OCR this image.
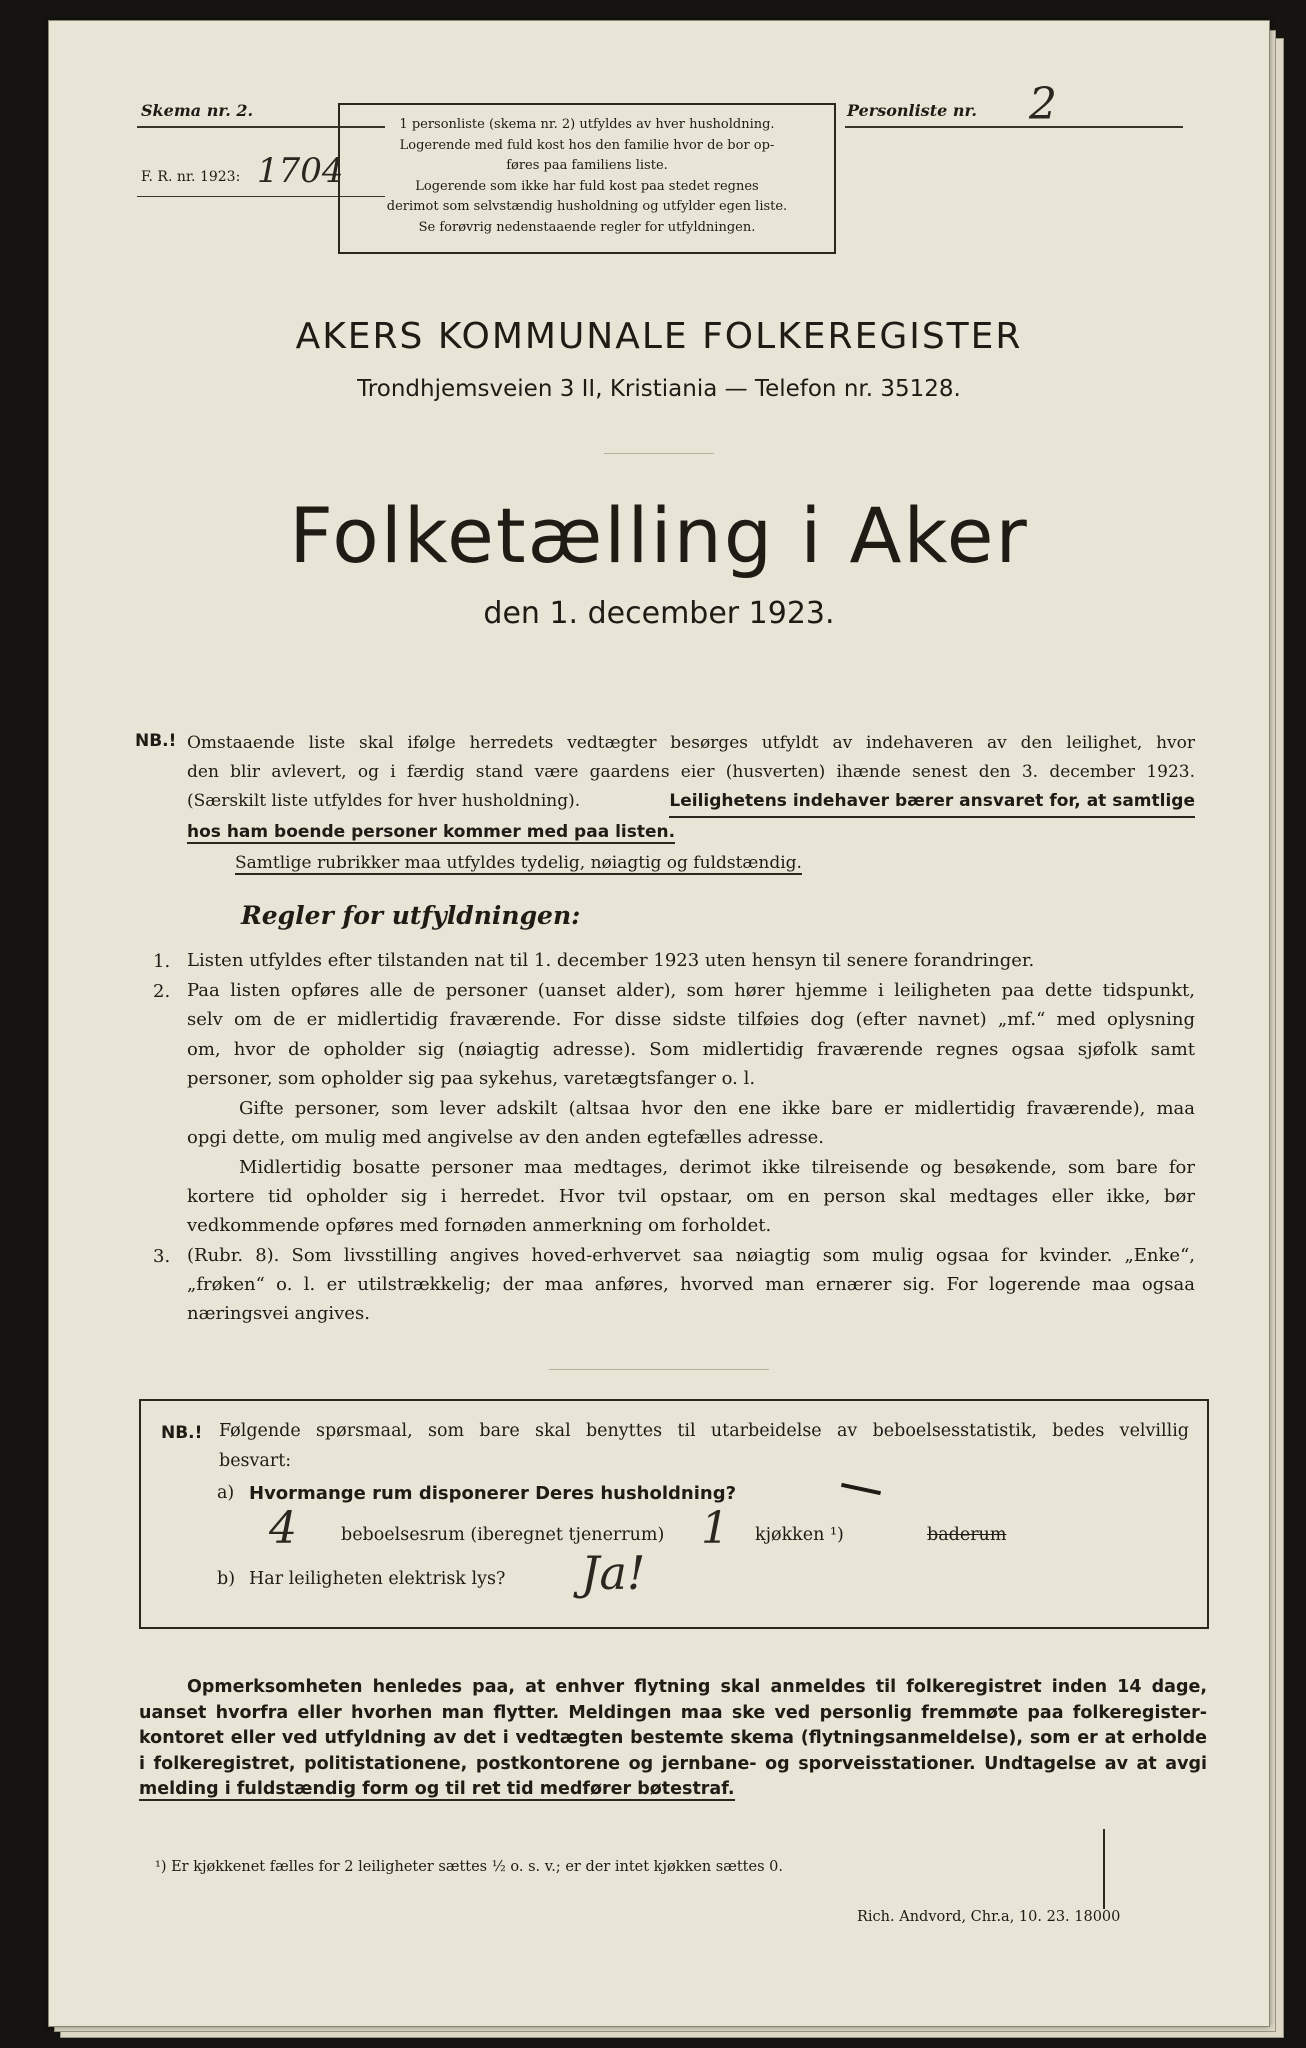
Skema nr. 2.
F. R. nr. 1923: 1704
1 personliste (skema nr. 2) utfyldes av hver husholdning.
Logerende med fuld kost hos den familie hvor de bor op-
føres paa familiens liste.
Logerende som ikke har fuld kost paa stedet regnes
derimot som selvstændig husholdning og utfylder egen liste.
Se forøvrig nedenstaaende regler for utfyldningen.
Personliste nr. 2
AKERS KOMMUNALE FOLKEREGISTER
Trondhjemsveien 3 II, Kristiania — Telefon nr. 35128.
Folketælling i Aker
den 1. december 1923.
NB.! Omstaaende liste skal ifølge herredets vedtægter besørges utfyldt av indehaveren av den leilighet, hvor
den blir avlevert, og i færdig stand være gaardens eier (husverten) ihænde senest den 3. december 1923.
(Særskilt liste utfyldes for hver husholdning).	Leilighetens indehaver bærer ansvaret for, at samtlige
hos ham boende personer kommer med paa listen.
Samtlige rubrikker maa utfyldes tydelig, nøiagtig og fuldstændig.
Regler for utfyldningen:
1. Listen utfyldes efter tilstanden nat til 1. december 1923 uten hensyn til senere forandringer.
2. Paa listen opføres alle de personer (uanset alder), som hører hjemme i leiligheten paa dette tidspunkt,
selv om de er midlertidig fraværende. For disse sidste tilføies dog (efter navnet) „mf.“ med oplysning
om, hvor de opholder sig (nøiagtig adresse). Som midlertidig fraværende regnes ogsaa sjøfolk samt
personer, som opholder sig paa sykehus, varetægtsfanger o. l.
Gifte personer, som lever adskilt (altsaa hvor den ene ikke bare er midlertidig fraværende), maa
opgi dette, om mulig med angivelse av den anden egtefælles adresse.
Midlertidig bosatte personer maa medtages, derimot ikke tilreisende og besøkende, som bare for
kortere tid opholder sig i herredet. Hvor tvil opstaar, om en person skal medtages eller ikke, bør
vedkommende opføres med fornøden anmerkning om forholdet.
3. (Rubr. 8). Som livsstilling angives hoved-erhvervet saa nøiagtig som mulig ogsaa for kvinder. „Enke“,
„frøken“ o. l. er utilstrækkelig; der maa anføres, hvorved man ernærer sig. For logerende maa ogsaa
næringsvei angives.
NB.! Følgende spørsmaal, som bare skal benyttes til utarbeidelse av beboelsesstatistik, bedes velvillig
besvart:
a) Hvormange rum disponerer Deres husholdning?
4	beboelsesrum (iberegnet tjenerrum) 1 kjøkken ¹)	baderum
b) Har leiligheten elektrisk lys? Ja!
Opmerksomheten henledes paa, at enhver flytning skal anmeldes til folkeregistret inden 14 dage,
uanset hvorfra eller hvorhen man flytter. Meldingen maa ske ved personlig fremmøte paa folkeregister-
kontoret eller ved utfyldning av det i vedtægten bestemte skema (flytningsanmeldelse), som er at erholde
i folkeregistret, politistationene, postkontorene og jernbane- og sporveisstationer. Undtagelse av at avgi
melding i fuldstændig form og til ret tid medfører bøtestraf.
¹) Er kjøkkenet fælles for 2 leiligheter sættes ½ o. s. v.; er der intet kjøkken sættes 0.
Rich. Andvord, Chr.a, 10. 23. 18000
